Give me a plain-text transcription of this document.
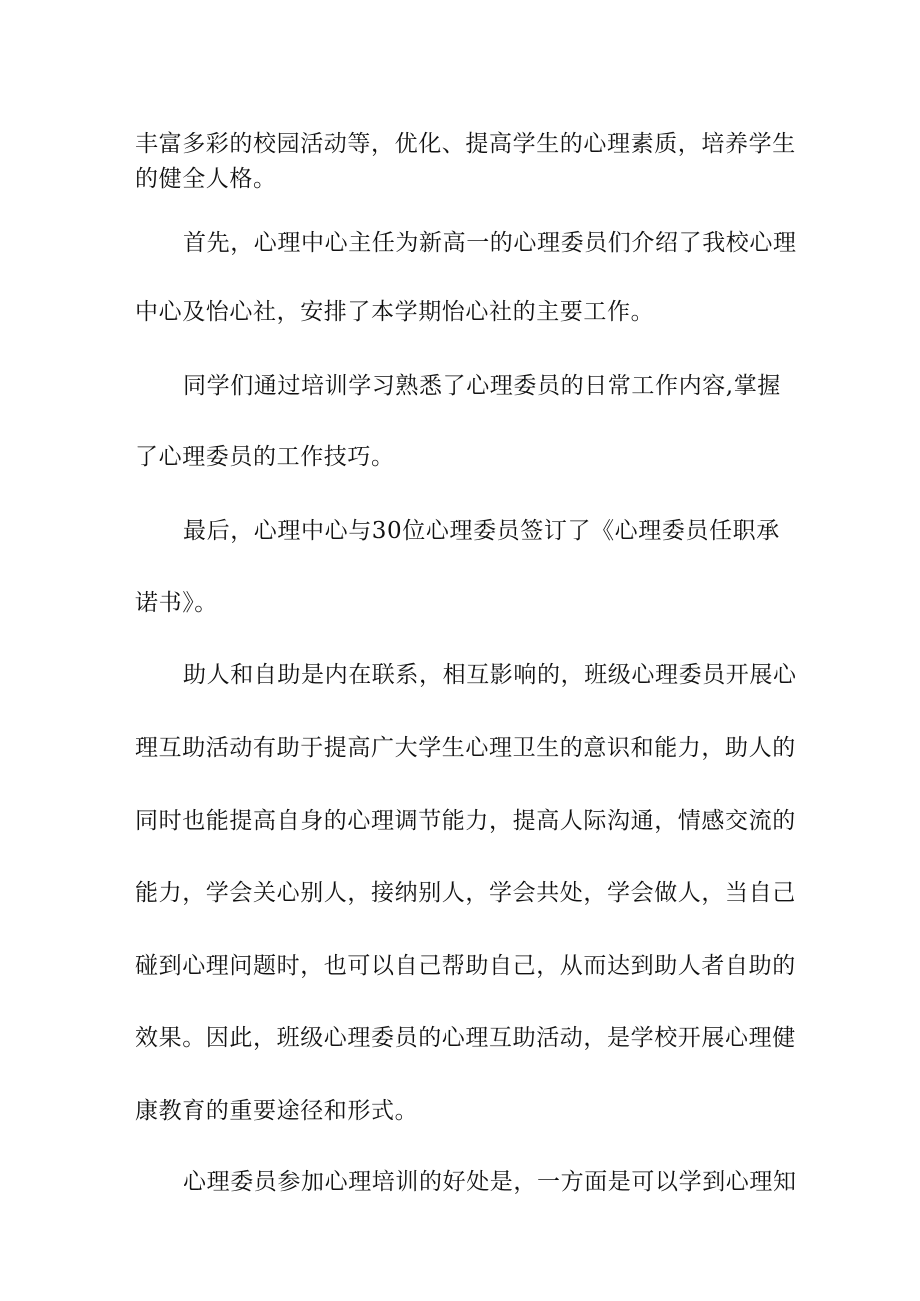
丰富多彩的校园活动等，优化、提高学生的心理素质，培养学生
的健全人格。
首先，心理中心主任为新高一的心理委员们介绍了我校心理
中心及怡心社，安排了本学期怡心社的主要工作。
同学们通过培训学习熟悉了心理委员的日常工作内容,掌握
了心理委员的工作技巧。
最后，心理中心与30位心理委员签订了《心理委员任职承
诺书》。
助人和自助是内在联系，相互影响的，班级心理委员开展心
理互助活动有助于提高广大学生心理卫生的意识和能力，助人的
同时也能提高自身的心理调节能力，提高人际沟通，情感交流的
能力，学会关心别人，接纳别人，学会共处，学会做人，当自己
碰到心理问题时，也可以自己帮助自己，从而达到助人者自助的
效果。因此，班级心理委员的心理互助活动，是学校开展心理健
康教育的重要途径和形式。
心理委员参加心理培训的好处是，一方面是可以学到心理知
